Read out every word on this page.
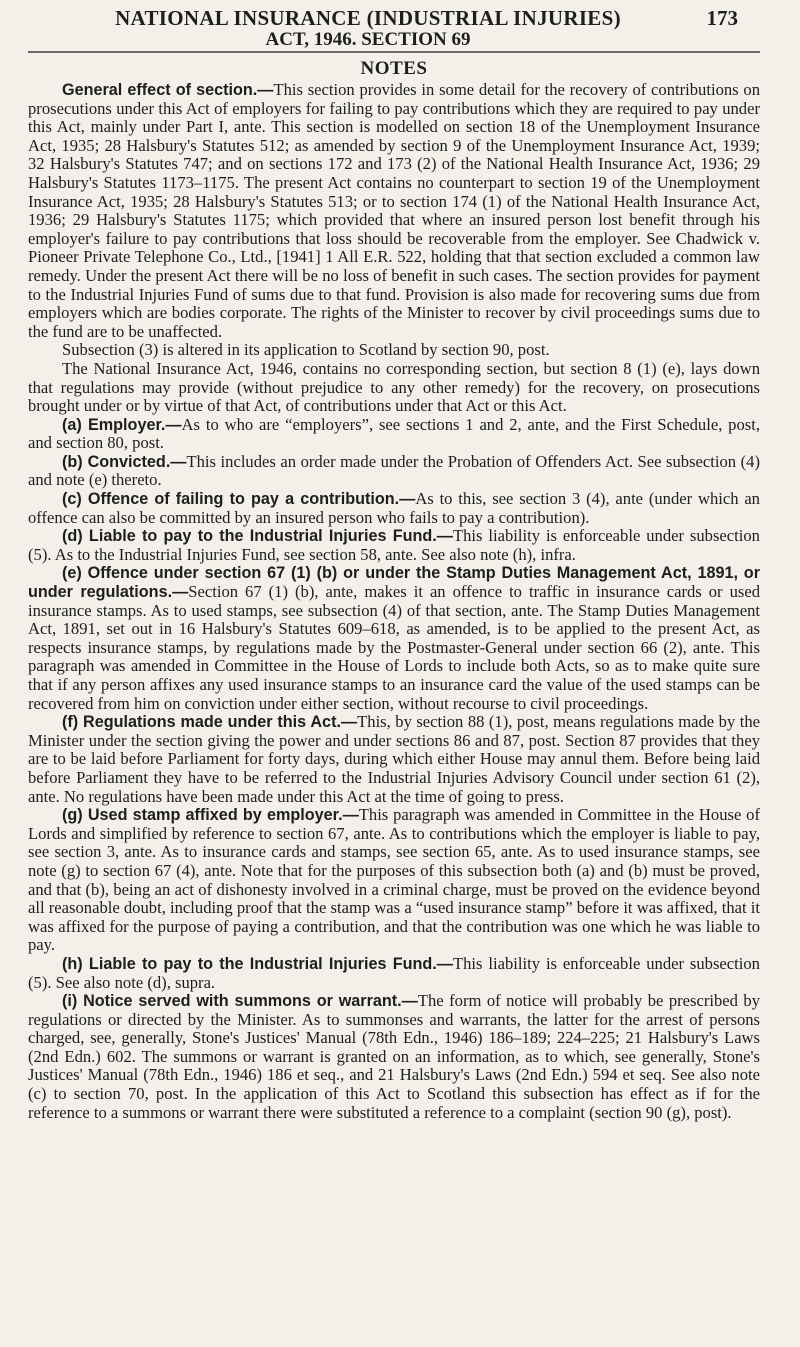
NATIONAL INSURANCE (INDUSTRIAL INJURIES)	173
ACT, 1946. SECTION 69
NOTES

General effect of section.—This section provides in some detail for the recovery of contributions on prosecutions under this Act of employers for failing to pay contributions which they are required to pay under this Act, mainly under Part I, ante. This section is modelled on section 18 of the Unemployment Insurance Act, 1935; 28 Halsbury's Statutes 512; as amended by section 9 of the Unemployment Insurance Act, 1939; 32 Halsbury's Statutes 747; and on sections 172 and 173 (2) of the National Health Insurance Act, 1936; 29 Halsbury's Statutes 1173–1175. The present Act contains no counterpart to section 19 of the Unemployment Insurance Act, 1935; 28 Halsbury's Statutes 513; or to section 174 (1) of the National Health Insurance Act, 1936; 29 Halsbury's Statutes 1175; which provided that where an insured person lost benefit through his employer's failure to pay contributions that loss should be recoverable from the employer. See Chadwick v. Pioneer Private Telephone Co., Ltd., [1941] 1 All E.R. 522, holding that that section excluded a common law remedy. Under the present Act there will be no loss of benefit in such cases. The section provides for payment to the Industrial Injuries Fund of sums due to that fund. Provision is also made for recovering sums due from employers which are bodies corporate. The rights of the Minister to recover by civil proceedings sums due to the fund are to be unaffected.

Subsection (3) is altered in its application to Scotland by section 90, post.

The National Insurance Act, 1946, contains no corresponding section, but section 8 (1) (e), lays down that regulations may provide (without prejudice to any other remedy) for the recovery, on prosecutions brought under or by virtue of that Act, of contributions under that Act or this Act.

(a) Employer.—As to who are “employers”, see sections 1 and 2, ante, and the First Schedule, post, and section 80, post.

(b) Convicted.—This includes an order made under the Probation of Offenders Act. See subsection (4) and note (e) thereto.

(c) Offence of failing to pay a contribution.—As to this, see section 3 (4), ante (under which an offence can also be committed by an insured person who fails to pay a contribution).

(d) Liable to pay to the Industrial Injuries Fund.—This liability is enforceable under subsection (5). As to the Industrial Injuries Fund, see section 58, ante. See also note (h), infra.

(e) Offence under section 67 (1) (b) or under the Stamp Duties Management Act, 1891, or under regulations.—Section 67 (1) (b), ante, makes it an offence to traffic in insurance cards or used insurance stamps. As to used stamps, see subsection (4) of that section, ante. The Stamp Duties Management Act, 1891, set out in 16 Halsbury's Statutes 609–618, as amended, is to be applied to the present Act, as respects insurance stamps, by regulations made by the Postmaster-General under section 66 (2), ante. This paragraph was amended in Committee in the House of Lords to include both Acts, so as to make quite sure that if any person affixes any used insurance stamps to an insurance card the value of the used stamps can be recovered from him on conviction under either section, without recourse to civil proceedings.

(f) Regulations made under this Act.—This, by section 88 (1), post, means regulations made by the Minister under the section giving the power and under sections 86 and 87, post. Section 87 provides that they are to be laid before Parliament for forty days, during which either House may annul them. Before being laid before Parliament they have to be referred to the Industrial Injuries Advisory Council under section 61 (2), ante. No regulations have been made under this Act at the time of going to press.

(g) Used stamp affixed by employer.—This paragraph was amended in Committee in the House of Lords and simplified by reference to section 67, ante. As to contributions which the employer is liable to pay, see section 3, ante. As to insurance cards and stamps, see section 65, ante. As to used insurance stamps, see note (g) to section 67 (4), ante. Note that for the purposes of this subsection both (a) and (b) must be proved, and that (b), being an act of dishonesty involved in a criminal charge, must be proved on the evidence beyond all reasonable doubt, including proof that the stamp was a “used insurance stamp” before it was affixed, that it was affixed for the purpose of paying a contribution, and that the contribution was one which he was liable to pay.

(h) Liable to pay to the Industrial Injuries Fund.—This liability is enforceable under subsection (5). See also note (d), supra.

(i) Notice served with summons or warrant.—The form of notice will probably be prescribed by regulations or directed by the Minister. As to summonses and warrants, the latter for the arrest of persons charged, see, generally, Stone's Justices' Manual (78th Edn., 1946) 186–189; 224–225; 21 Halsbury's Laws (2nd Edn.) 602. The summons or warrant is granted on an information, as to which, see generally, Stone's Justices' Manual (78th Edn., 1946) 186 et seq., and 21 Halsbury's Laws (2nd Edn.) 594 et seq. See also note (c) to section 70, post. In the application of this Act to Scotland this subsection has effect as if for the reference to a summons or warrant there were substituted a reference to a complaint (section 90 (g), post).
